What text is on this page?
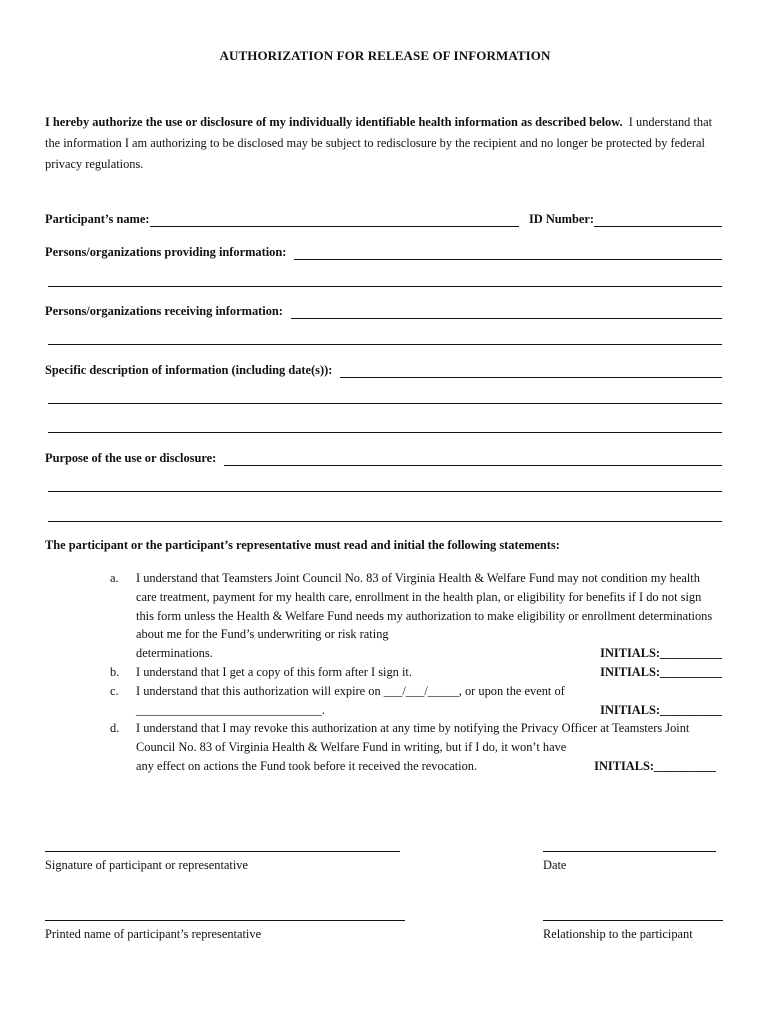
AUTHORIZATION FOR RELEASE OF INFORMATION
I hereby authorize the use or disclosure of my individually identifiable health information as described below. I understand that the information I am authorizing to be disclosed may be subject to redisclosure by the recipient and no longer be protected by federal privacy regulations.
Participant’s name:	ID Number:
Persons/organizations providing information:
Persons/organizations receiving information:
Specific description of information (including date(s)):
Purpose of the use or disclosure:
The participant or the participant’s representative must read and initial the following statements:
a.	I understand that Teamsters Joint Council No. 83 of Virginia Health & Welfare Fund may not condition my health care treatment, payment for my health care, enrollment in the health plan, or eligibility for benefits if I do not sign this form unless the Health & Welfare Fund needs my authorization to make eligibility or enrollment determinations about me for the Fund’s underwriting or risk rating
determinations.	INITIALS:__________
b.	I understand that I get a copy of this form after I sign it.	INITIALS:__________
c.	I understand that this authorization will expire on ___/___/_____, or upon the event of
______________________________.	INITIALS:__________
d.	I understand that I may revoke this authorization at any time by notifying the Privacy Officer at Teamsters Joint Council No. 83 of Virginia Health & Welfare Fund in writing, but if I do, it won’t have
any effect on actions the Fund took before it received the revocation.	INITIALS:__________
Signature of participant or representative	Date
Printed name of participant’s representative	Relationship to the participant
